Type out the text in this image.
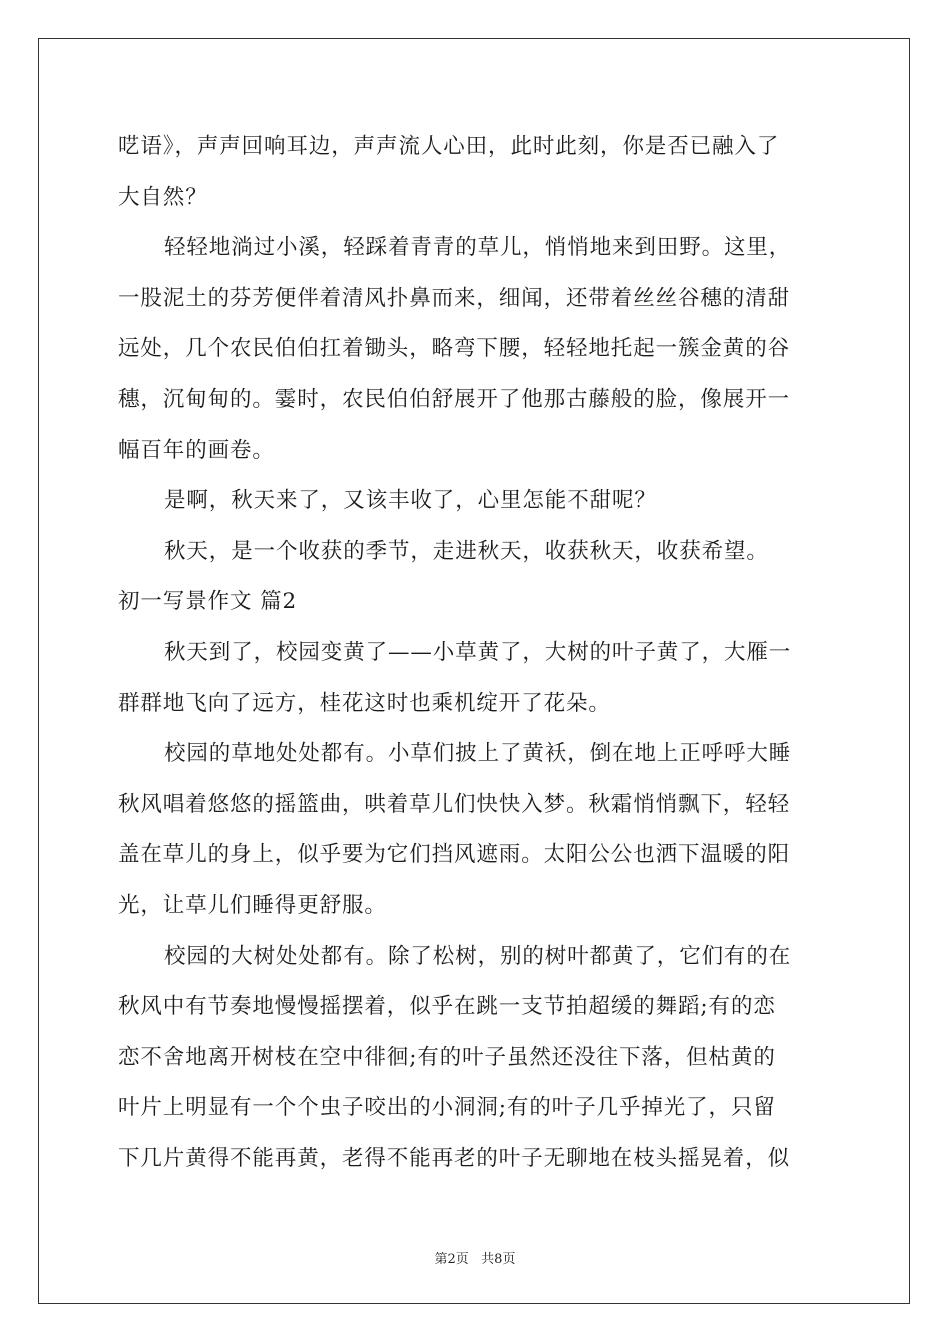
呓语》，声声回响耳边，声声流人心田，此时此刻，你是否已融入了
大自然？
轻轻地淌过小溪，轻踩着青青的草儿，悄悄地来到田野。这里，
一股泥土的芬芳便伴着清风扑鼻而来，细闻，还带着丝丝谷穗的清甜
远处，几个农民伯伯扛着锄头，略弯下腰，轻轻地托起一簇金黄的谷
穗，沉甸甸的。霎时，农民伯伯舒展开了他那古藤般的脸，像展开一
幅百年的画卷。
是啊，秋天来了，又该丰收了，心里怎能不甜呢？
秋天，是一个收获的季节，走进秋天，收获秋天，收获希望。
初一写景作文 篇2
秋天到了，校园变黄了——小草黄了，大树的叶子黄了，大雁一
群群地飞向了远方，桂花这时也乘机绽开了花朵。
校园的草地处处都有。小草们披上了黄袄，倒在地上正呼呼大睡
秋风唱着悠悠的摇篮曲，哄着草儿们快快入梦。秋霜悄悄飘下，轻轻
盖在草儿的身上，似乎要为它们挡风遮雨。太阳公公也洒下温暖的阳
光，让草儿们睡得更舒服。
校园的大树处处都有。除了松树，别的树叶都黄了，它们有的在
秋风中有节奏地慢慢摇摆着，似乎在跳一支节拍超缓的舞蹈;有的恋
恋不舍地离开树枝在空中徘徊;有的叶子虽然还没往下落，但枯黄的
叶片上明显有一个个虫子咬出的小洞洞;有的叶子几乎掉光了，只留
下几片黄得不能再黄，老得不能再老的叶子无聊地在枝头摇晃着，似
第2页   共8页
